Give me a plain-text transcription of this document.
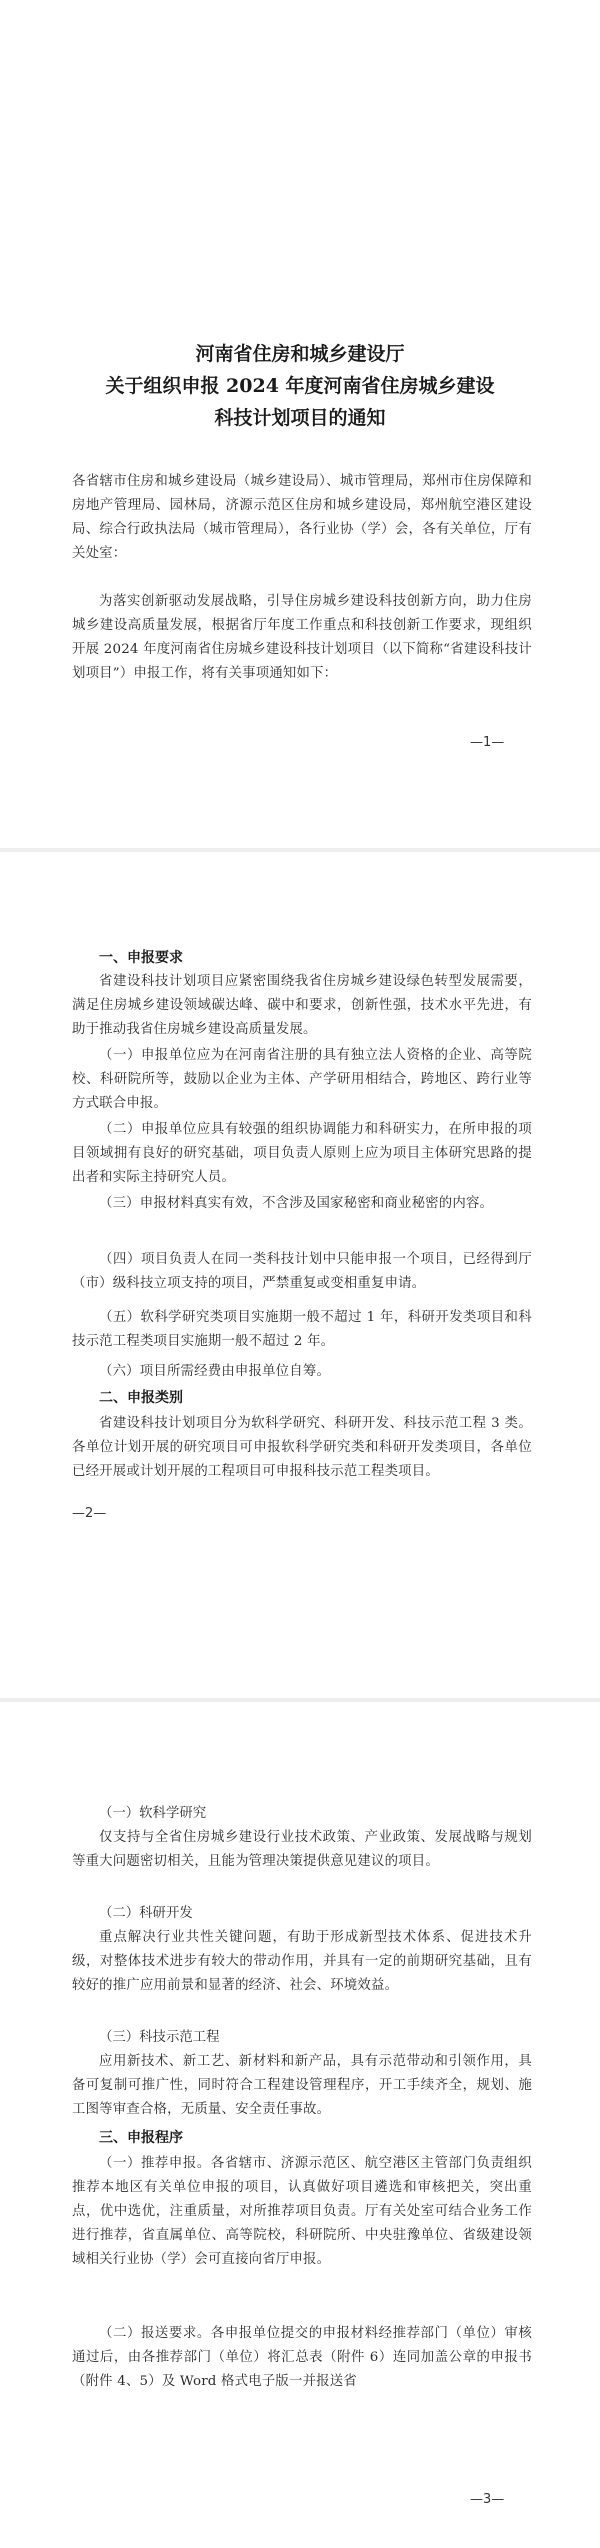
河南省住房和城乡建设厅

关于组织申报 2024 年度河南省住房城乡建设

科技计划项目的通知

各省辖市住房和城乡建设局（城乡建设局）、城市管理局，郑州市住房保障和房地产管理局、园林局，济源示范区住房和城乡建设局，郑州航空港区建设局、综合行政执法局（城市管理局），各行业协（学）会，各有关单位，厅有关处室：

为落实创新驱动发展战略，引导住房城乡建设科技创新方向，助力住房城乡建设高质量发展，根据省厅年度工作重点和科技创新工作要求，现组织开展 2024 年度河南省住房城乡建设科技计划项目（以下简称“省建设科技计划项目”）申报工作，将有关事项通知如下：

—1—

一、申报要求

省建设科技计划项目应紧密围绕我省住房城乡建设绿色转型发展需要，满足住房城乡建设领域碳达峰、碳中和要求，创新性强，技术水平先进，有助于推动我省住房城乡建设高质量发展。

（一）申报单位应为在河南省注册的具有独立法人资格的企业、高等院校、科研院所等，鼓励以企业为主体、产学研用相结合，跨地区、跨行业等方式联合申报。

（二）申报单位应具有较强的组织协调能力和科研实力，在所申报的项目领域拥有良好的研究基础，项目负责人原则上应为项目主体研究思路的提出者和实际主持研究人员。

（三）申报材料真实有效，不含涉及国家秘密和商业秘密的内容。

（四）项目负责人在同一类科技计划中只能申报一个项目，已经得到厅（市）级科技立项支持的项目，严禁重复或变相重复申请。

（五）软科学研究类项目实施期一般不超过 1 年，科研开发类项目和科技示范工程类项目实施期一般不超过 2 年。

（六）项目所需经费由申报单位自筹。

二、申报类别

省建设科技计划项目分为软科学研究、科研开发、科技示范工程 3 类。各单位计划开展的研究项目可申报软科学研究类和科研开发类项目，各单位已经开展或计划开展的工程项目可申报科技示范工程类项目。

—2—

（一）软科学研究

仅支持与全省住房城乡建设行业技术政策、产业政策、发展战略与规划等重大问题密切相关，且能为管理决策提供意见建议的项目。

（二）科研开发

重点解决行业共性关键问题，有助于形成新型技术体系、促进技术升级，对整体技术进步有较大的带动作用，并具有一定的前期研究基础，且有较好的推广应用前景和显著的经济、社会、环境效益。

（三）科技示范工程

应用新技术、新工艺、新材料和新产品，具有示范带动和引领作用，具备可复制可推广性，同时符合工程建设管理程序，开工手续齐全，规划、施工图等审查合格，无质量、安全责任事故。

三、申报程序

（一）推荐申报。各省辖市、济源示范区、航空港区主管部门负责组织推荐本地区有关单位申报的项目，认真做好项目遴选和审核把关，突出重点，优中选优，注重质量，对所推荐项目负责。厅有关处室可结合业务工作进行推荐，省直属单位、高等院校，科研院所、中央驻豫单位、省级建设领域相关行业协（学）会可直接向省厅申报。

（二）报送要求。各申报单位提交的申报材料经推荐部门（单位）审核通过后，由各推荐部门（单位）将汇总表（附件 6）连同加盖公章的申报书（附件 4、5）及 Word 格式电子版一并报送省

—3—
